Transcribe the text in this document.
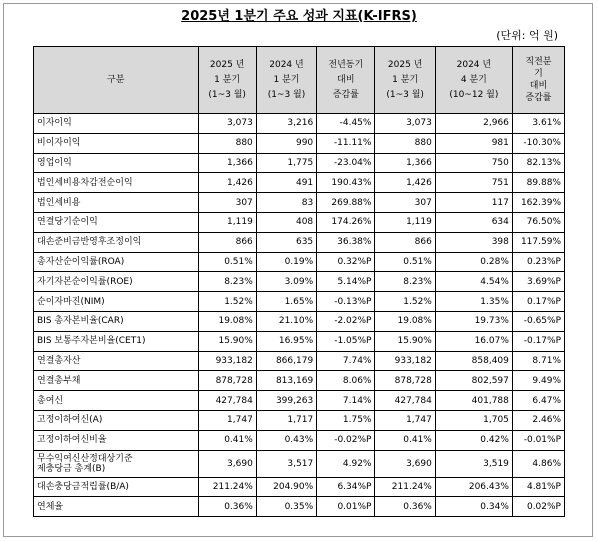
2025년 1분기 주요 성과 지표(K-IFRS)
(단위: 억 원)
구분	2025 년
1 분기
(1~3 월)	2024 년
1 분기
(1~3 월)	전년동기
대비
증감률	2025 년
1 분기
(1~3 월)	2024 년
4 분기
(10~12 월)	직전분
기
대비
증감률

이자이익	3,073	3,216	-4.45%	3,073	2,966	3.61%

비이자이익	880	990	-11.11%	880	981	-10.30%

영업이익	1,366	1,775	-23.04%	1,366	750	82.13%

법인세비용차감전순이익	1,426	491	190.43%	1,426	751	89.88%

법인세비용	307	83	269.88%	307	117	162.39%

연결당기순이익	1,119	408	174.26%	1,119	634	76.50%

대손준비금반영후조정이익	866	635	36.38%	866	398	117.59%

총자산순이익률(ROA)	0.51%	0.19%	0.32%P	0.51%	0.28%	0.23%P

자기자본순이익률(ROE)	8.23%	3.09%	5.14%P	8.23%	4.54%	3.69%P

순이자마진(NIM)	1.52%	1.65%	-0.13%P	1.52%	1.35%	0.17%P

BIS 총자본비율(CAR)	19.08%	21.10%	-2.02%P	19.08%	19.73%	-0.65%P

BIS 보통주자본비율(CET1)	15.90%	16.95%	-1.05%P	15.90%	16.07%	-0.17%P

연결총자산	933,182	866,179	7.74%	933,182	858,409	8.71%

연결총부채	878,728	813,169	8.06%	878,728	802,597	9.49%

총여신	427,784	399,263	7.14%	427,784	401,788	6.47%

고정이하여신(A)	1,747	1,717	1.75%	1,747	1,705	2.46%

고정이하여신비율	0.41%	0.43%	-0.02%P	0.41%	0.42%	-0.01%P

무수익여신산정대상기준
제충당금 총계(B)	3,690	3,517	4.92%	3,690	3,519	4.86%

대손충당금적립률(B/A)	211.24%	204.90%	6.34%P	211.24%	206.43%	4.81%P

연체율	0.36%	0.35%	0.01%P	0.36%	0.34%	0.02%P
